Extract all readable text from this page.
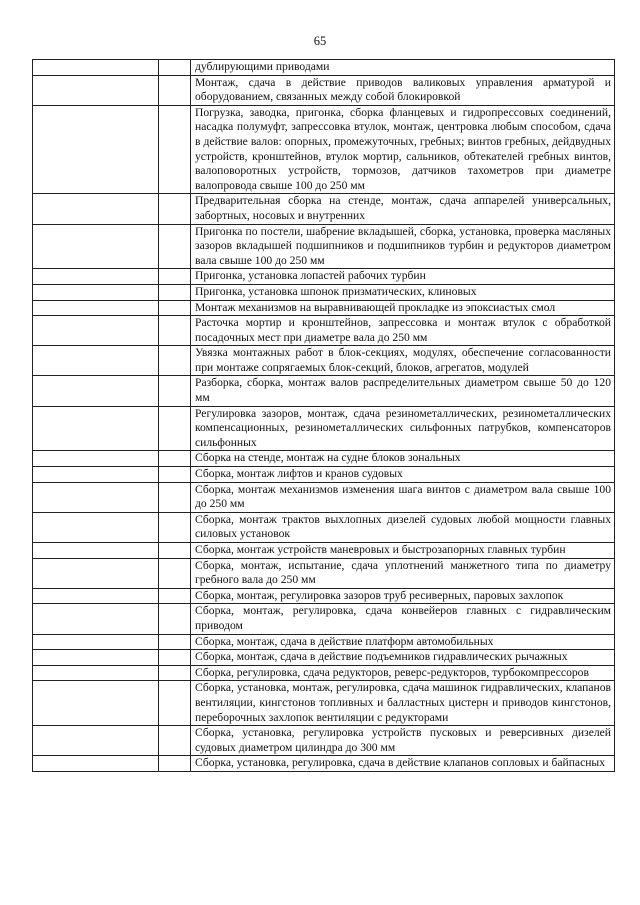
65
		дублирующими приводами
		Монтаж, сдача в действие приводов валиковых управления арматурой и оборудованием, связанных между собой блокировкой
		Погрузка, заводка, пригонка, сборка фланцевых и гидропрессовых соединений, насадка полумуфт, запрессовка втулок, монтаж, центровка любым способом, сдача в действие валов: опорных, промежуточных, гребных; винтов гребных, дейдвудных устройств, кронштейнов, втулок мортир, сальников, обтекателей гребных винтов, валоповоротных устройств, тормозов, датчиков тахометров при диаметре валопровода свыше 100 до 250 мм
		Предварительная сборка на стенде, монтаж, сдача аппарелей универсальных, забортных, носовых и внутренних
		Пригонка по постели, шабрение вкладышей, сборка, установка, проверка масляных зазоров вкладышей подшипников и подшипников турбин и редукторов диаметром вала свыше 100 до 250 мм
		Пригонка, установка лопастей рабочих турбин
		Пригонка, установка шпонок призматических, клиновых
		Монтаж механизмов на выравнивающей прокладке из эпоксиастых смол
		Расточка мортир и кронштейнов, запрессовка и монтаж втулок с обработкой посадочных мест при диаметре вала до 250 мм
		Увязка монтажных работ в блок-секциях, модулях, обеспечение согласованности при монтаже сопрягаемых блок-секций, блоков, агрегатов, модулей
		Разборка, сборка, монтаж валов распределительных диаметром свыше 50 до 120 мм
		Регулировка зазоров, монтаж, сдача резинометаллических, резинометаллических компенсационных, резинометаллических сильфонных патрубков, компенсаторов сильфонных
		Сборка на стенде, монтаж на судне блоков зональных
		Сборка, монтаж лифтов и кранов судовых
		Сборка, монтаж механизмов изменения шага винтов с диаметром вала свыше 100 до 250 мм
		Сборка, монтаж трактов выхлопных дизелей судовых любой мощности главных силовых установок
		Сборка, монтаж устройств маневровых и быстрозапорных главных турбин
		Сборка, монтаж, испытание, сдача уплотнений манжетного типа по диаметру гребного вала до 250 мм
		Сборка, монтаж, регулировка зазоров труб ресиверных, паровых захлопок
		Сборка, монтаж, регулировка, сдача конвейеров главных с гидравлическим приводом
		Сборка, монтаж, сдача в действие платформ автомобильных
		Сборка, монтаж, сдача в действие подъемников гидравлических рычажных
		Сборка, регулировка, сдача редукторов, реверс-редукторов, турбокомпрессоров
		Сборка, установка, монтаж, регулировка, сдача машинок гидравлических, клапанов вентиляции, кингстонов топливных и балластных цистерн и приводов кингстонов, переборочных захлопок вентиляции с редукторами
		Сборка, установка, регулировка устройств пусковых и реверсивных дизелей судовых диаметром цилиндра до 300 мм
		Сборка, установка, регулировка, сдача в действие клапанов сопловых и байпасных
